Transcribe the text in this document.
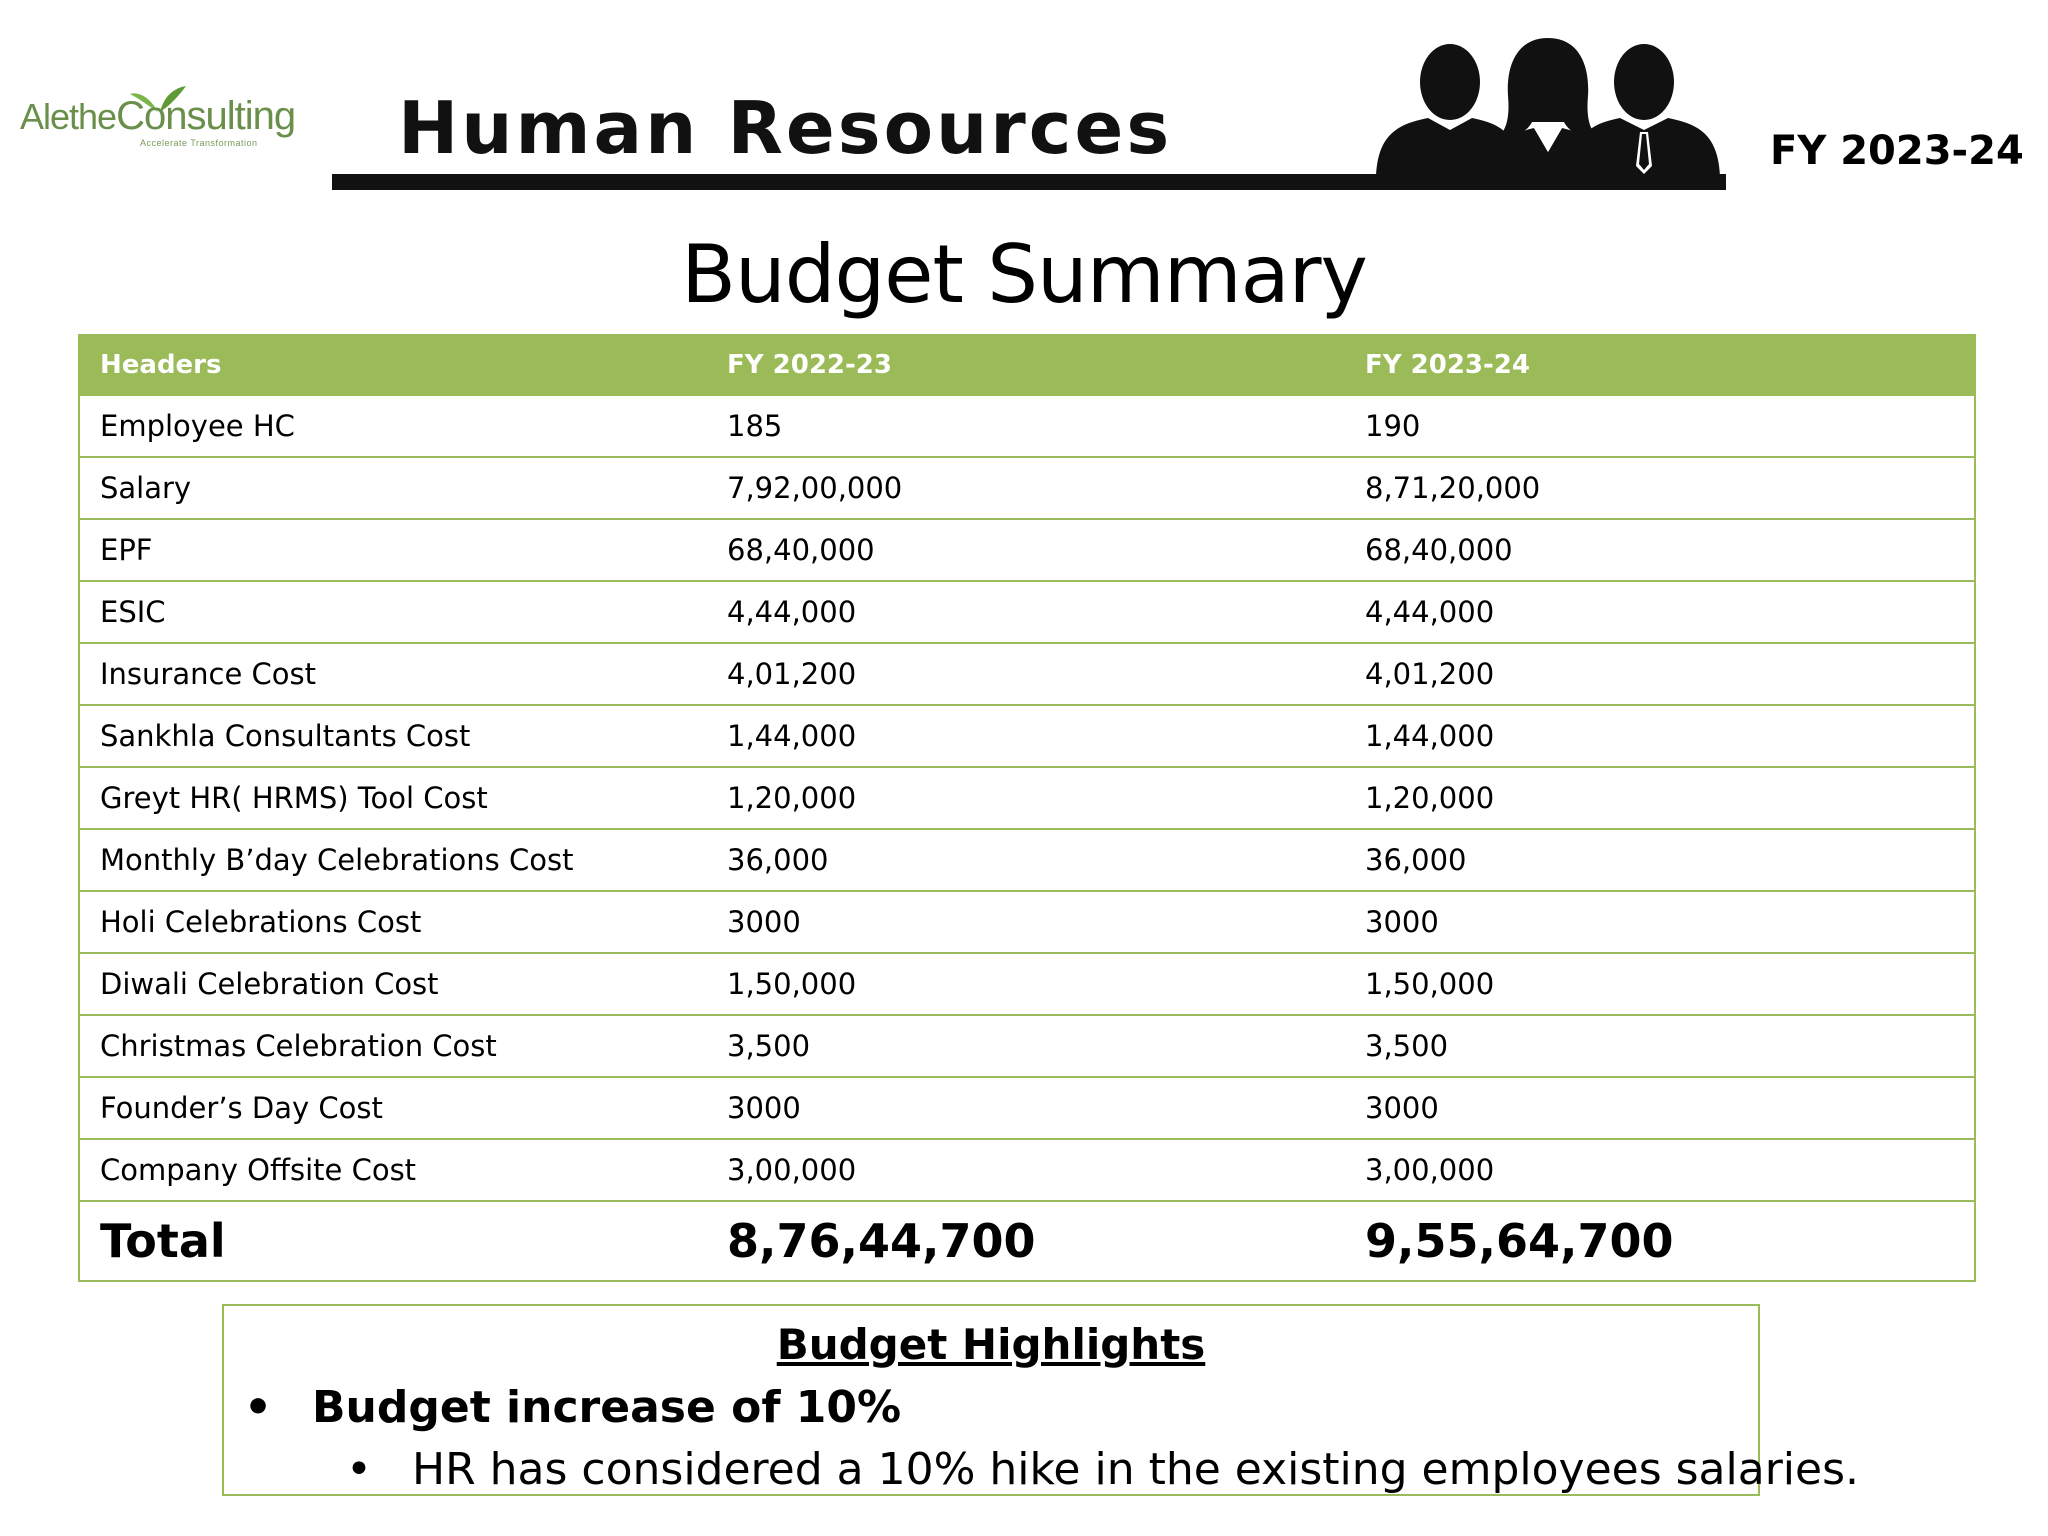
AletheConsulting
Accelerate Transformation Human Resources	FY 2023-24
Budget Summary
Headers	FY 2022-23	FY 2023-24
Employee HC	185	190
Salary	7,92,00,000	8,71,20,000
EPF	68,40,000	68,40,000
ESIC	4,44,000	4,44,000
Insurance Cost	4,01,200	4,01,200
Sankhla Consultants Cost	1,44,000	1,44,000
Greyt HR( HRMS) Tool Cost	1,20,000	1,20,000
Monthly B’day Celebrations Cost	36,000	36,000
Holi Celebrations Cost	3000	3000
Diwali Celebration Cost	1,50,000	1,50,000
Christmas Celebration Cost	3,500	3,500
Founder’s Day Cost	3000	3000
Company Offsite Cost	3,00,000	3,00,000
Total	8,76,44,700	9,55,64,700
Budget Highlights
• Budget increase of 10%
• HR has considered a 10% hike in the existing employees salaries.
